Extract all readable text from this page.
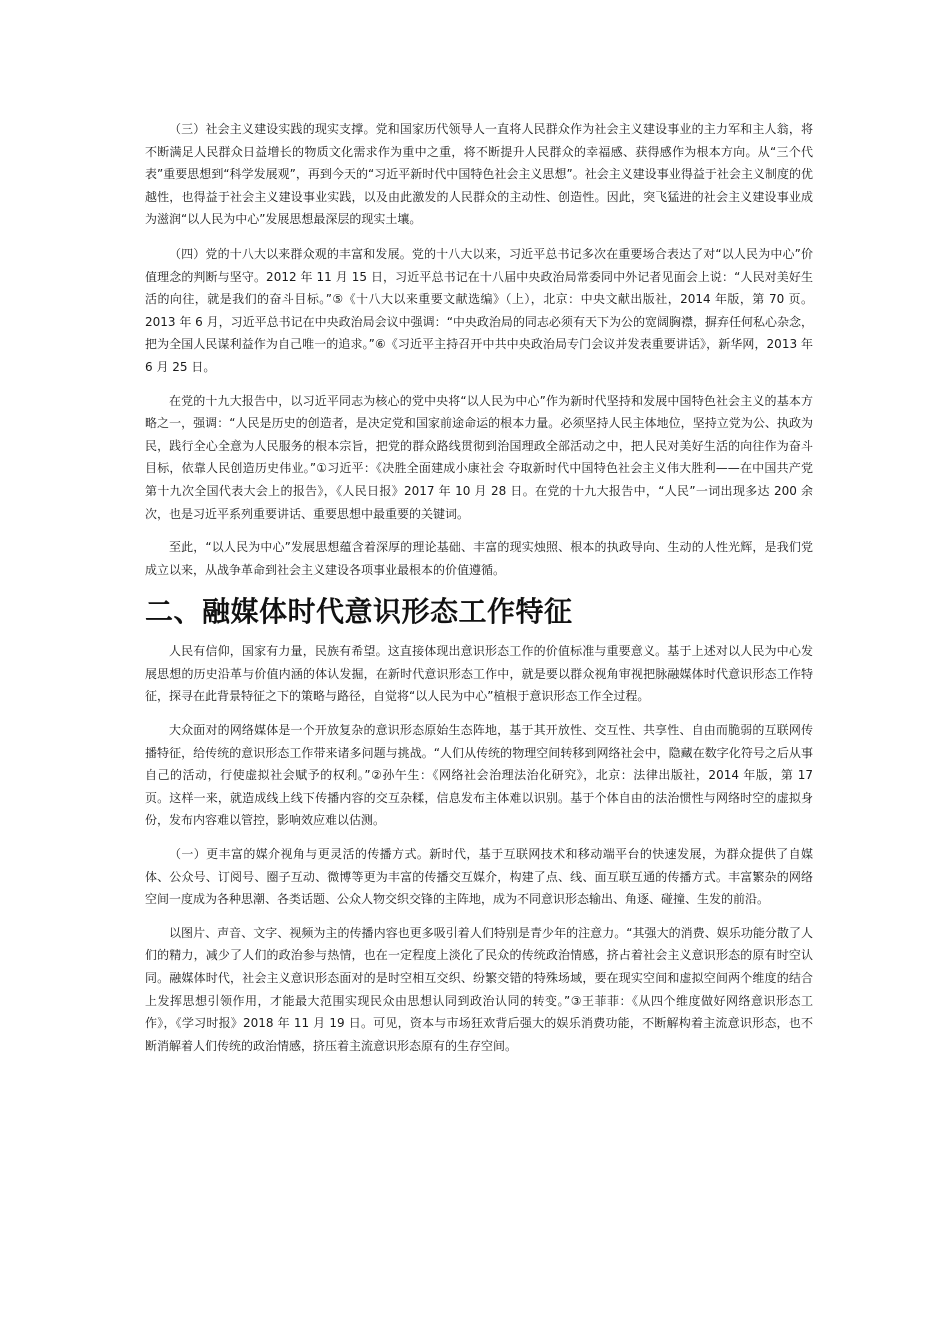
（三）社会主义建设实践的现实支撑。党和国家历代领导人一直将人民群众作为社会主义建设事业的主力军和主人翁，将不断满足人民群众日益增长的物质文化需求作为重中之重，将不断提升人民群众的幸福感、获得感作为根本方向。从“三个代表”重要思想到“科学发展观”，再到今天的“习近平新时代中国特色社会主义思想”。社会主义建设事业得益于社会主义制度的优越性，也得益于社会主义建设事业实践，以及由此激发的人民群众的主动性、创造性。因此，突飞猛进的社会主义建设事业成为滋润“以人民为中心”发展思想最深层的现实土壤。

（四）党的十八大以来群众观的丰富和发展。党的十八大以来，习近平总书记多次在重要场合表达了对“以人民为中心”价值理念的判断与坚守。2012 年 11 月 15 日，习近平总书记在十八届中央政治局常委同中外记者见面会上说：“人民对美好生活的向往，就是我们的奋斗目标。”⑤《十八大以来重要文献选编》（上），北京：中央文献出版社，2014 年版，第 70 页。2013 年 6 月，习近平总书记在中央政治局会议中强调：“中央政治局的同志必须有天下为公的宽阔胸襟，摒弃任何私心杂念，把为全国人民谋利益作为自己唯一的追求。”⑥《习近平主持召开中共中央政治局专门会议并发表重要讲话》，新华网，2013 年 6 月 25 日。

在党的十九大报告中，以习近平同志为核心的党中央将“以人民为中心”作为新时代坚持和发展中国特色社会主义的基本方略之一，强调：“人民是历史的创造者，是决定党和国家前途命运的根本力量。必须坚持人民主体地位，坚持立党为公、执政为民，践行全心全意为人民服务的根本宗旨，把党的群众路线贯彻到治国理政全部活动之中，把人民对美好生活的向往作为奋斗目标，依靠人民创造历史伟业。”①习近平：《决胜全面建成小康社会 夺取新时代中国特色社会主义伟大胜利——在中国共产党第十九次全国代表大会上的报告》，《人民日报》2017 年 10 月 28 日。在党的十九大报告中，“人民”一词出现多达 200 余次，也是习近平系列重要讲话、重要思想中最重要的关键词。

至此，“以人民为中心”发展思想蕴含着深厚的理论基础、丰富的现实烛照、根本的执政导向、生动的人性光辉，是我们党成立以来，从战争革命到社会主义建设各项事业最根本的价值遵循。

二、融媒体时代意识形态工作特征

人民有信仰，国家有力量，民族有希望。这直接体现出意识形态工作的价值标准与重要意义。基于上述对以人民为中心发展思想的历史沿革与价值内涵的体认发掘，在新时代意识形态工作中，就是要以群众视角审视把脉融媒体时代意识形态工作特征，探寻在此背景特征之下的策略与路径，自觉将“以人民为中心”植根于意识形态工作全过程。

大众面对的网络媒体是一个开放复杂的意识形态原始生态阵地，基于其开放性、交互性、共享性、自由而脆弱的互联网传播特征，给传统的意识形态工作带来诸多问题与挑战。“人们从传统的物理空间转移到网络社会中，隐藏在数字化符号之后从事自己的活动，行使虚拟社会赋予的权利。”②孙午生：《网络社会治理法治化研究》，北京：法律出版社，2014 年版，第 17 页。这样一来，就造成线上线下传播内容的交互杂糅，信息发布主体难以识别。基于个体自由的法治惯性与网络时空的虚拟身份，发布内容难以管控，影响效应难以估测。

（一）更丰富的媒介视角与更灵活的传播方式。新时代，基于互联网技术和移动端平台的快速发展，为群众提供了自媒体、公众号、订阅号、圈子互动、微博等更为丰富的传播交互媒介，构建了点、线、面互联互通的传播方式。丰富繁杂的网络空间一度成为各种思潮、各类话题、公众人物交织交锋的主阵地，成为不同意识形态输出、角逐、碰撞、生发的前沿。

以图片、声音、文字、视频为主的传播内容也更多吸引着人们特别是青少年的注意力。“其强大的消费、娱乐功能分散了人们的精力，减少了人们的政治参与热情，也在一定程度上淡化了民众的传统政治情感，挤占着社会主义意识形态的原有时空认同。融媒体时代，社会主义意识形态面对的是时空相互交织、纷繁交错的特殊场域，要在现实空间和虚拟空间两个维度的结合上发挥思想引领作用，才能最大范围实现民众由思想认同到政治认同的转变。”③王菲菲：《从四个维度做好网络意识形态工作》，《学习时报》2018 年 11 月 19 日。可见，资本与市场狂欢背后强大的娱乐消费功能，不断解构着主流意识形态，也不断消解着人们传统的政治情感，挤压着主流意识形态原有的生存空间。
